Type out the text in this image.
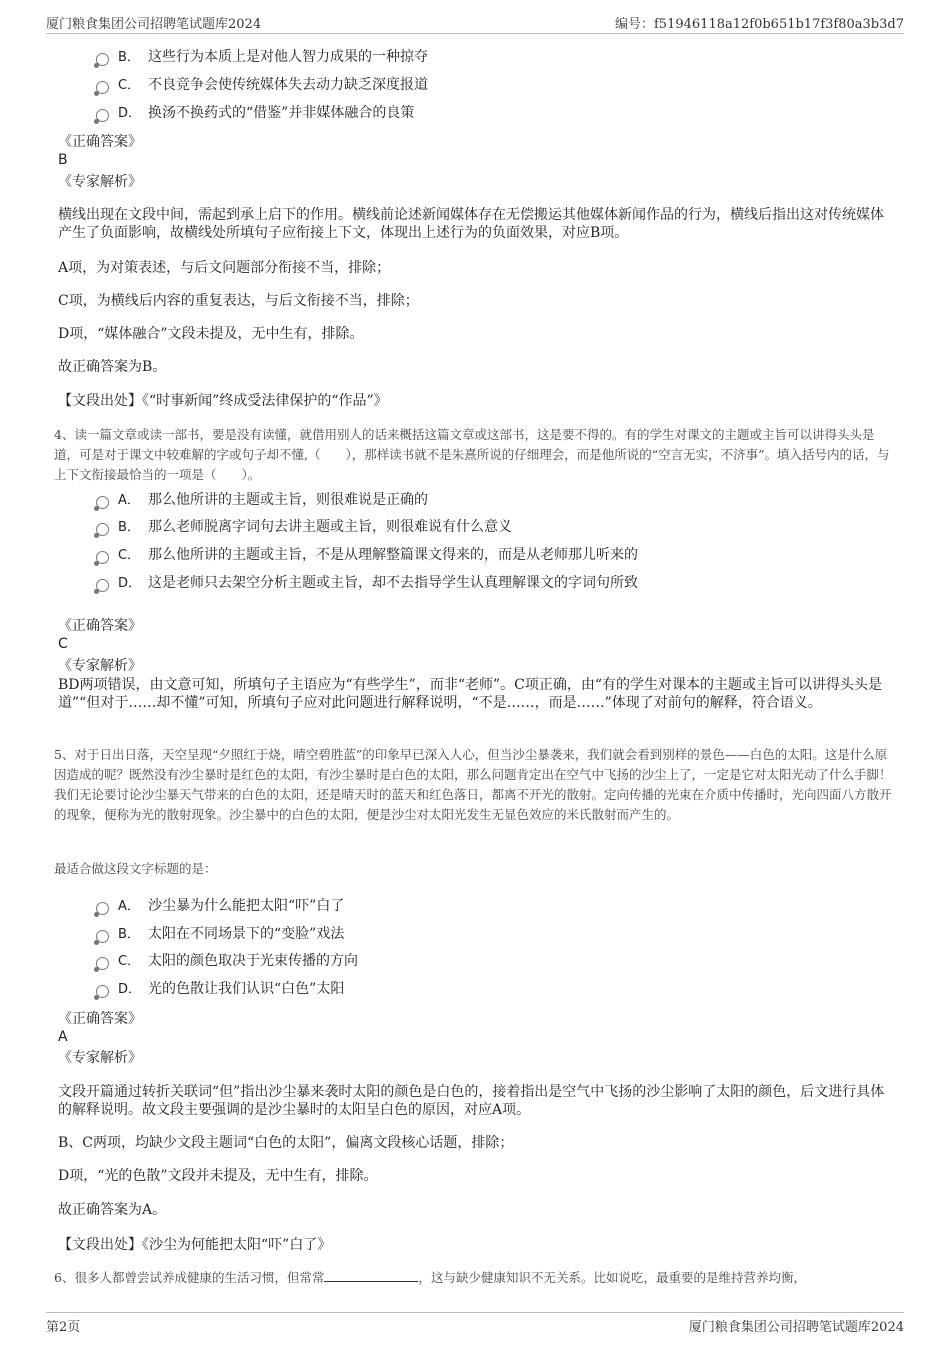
厦门粮食集团公司招聘笔试题库2024	编号：f51946118a12f0b651b17f3f80a3b3d7
B． 这些行为本质上是对他人智力成果的一种掠夺
C． 不良竞争会使传统媒体失去动力缺乏深度报道
D． 换汤不换药式的“借鉴”并非媒体融合的良策
《正确答案》
B
《专家解析》
横线出现在文段中间，需起到承上启下的作用。横线前论述新闻媒体存在无偿搬运其他媒体新闻作品的行为，横线后指出这对传统媒体产生了负面影响，故横线处所填句子应衔接上下文，体现出上述行为的负面效果，对应B项。
A项，为对策表述，与后文问题部分衔接不当，排除；
C项，为横线后内容的重复表达，与后文衔接不当，排除；
D项，“媒体融合”文段未提及，无中生有，排除。
故正确答案为B。
【文段出处】《“时事新闻”终成受法律保护的“作品”》
4、读一篇文章或读一部书，要是没有读懂，就借用别人的话来概括这篇文章或这部书，这是要不得的。有的学生对课文的主题或主旨可以讲得头头是道，可是对于课文中较难解的字或句子却不懂,（　　），那样读书就不是朱熹所说的仔细理会，而是他所说的“空言无实，不济事”。填入括号内的话，与上下文衔接最恰当的一项是（　　）。
A． 那么他所讲的主题或主旨，则很难说是正确的
B． 那么老师脱离字词句去讲主题或主旨，则很难说有什么意义
C． 那么他所讲的主题或主旨，不是从理解整篇课文得来的，而是从老师那儿听来的
D． 这是老师只去架空分析主题或主旨，却不去指导学生认真理解课文的字词句所致
《正确答案》
C
《专家解析》
BD两项错误，由文意可知，所填句子主语应为“有些学生”，而非“老师”。C项正确，由“有的学生对课本的主题或主旨可以讲得头头是道”“但对于……却不懂”可知，所填句子应对此问题进行解释说明，“不是……，而是……”体现了对前句的解释，符合语义。
5、对于日出日落，天空呈现“夕照红于烧，晴空碧胜蓝”的印象早已深入人心，但当沙尘暴袭来，我们就会看到别样的景色——白色的太阳。这是什么原因造成的呢？既然没有沙尘暴时是红色的太阳，有沙尘暴时是白色的太阳，那么问题肯定出在空气中飞扬的沙尘上了，一定是它对太阳光动了什么手脚！我们无论要讨论沙尘暴天气带来的白色的太阳，还是晴天时的蓝天和红色落日，都离不开光的散射。定向传播的光束在介质中传播时，光向四面八方散开的现象，便称为光的散射现象。沙尘暴中的白色的太阳，便是沙尘对太阳光发生无显色效应的米氏散射而产生的。
最适合做这段文字标题的是：
A． 沙尘暴为什么能把太阳“吓”白了
B． 太阳在不同场景下的“变脸”戏法
C． 太阳的颜色取决于光束传播的方向
D． 光的色散让我们认识“白色”太阳
《正确答案》
A
《专家解析》
文段开篇通过转折关联词“但”指出沙尘暴来袭时太阳的颜色是白色的，接着指出是空气中飞扬的沙尘影响了太阳的颜色，后文进行具体的解释说明。故文段主要强调的是沙尘暴时的太阳呈白色的原因，对应A项。
B、C两项，均缺少文段主题词“白色的太阳”，偏离文段核心话题，排除；
D项，“光的色散”文段并未提及，无中生有，排除。
故正确答案为A。
【文段出处】《沙尘为何能把太阳“吓”白了》
6、很多人都曾尝试养成健康的生活习惯，但常常	，这与缺少健康知识不无关系。比如说吃，最重要的是维持营养均衡，
第2页	厦门粮食集团公司招聘笔试题库2024
